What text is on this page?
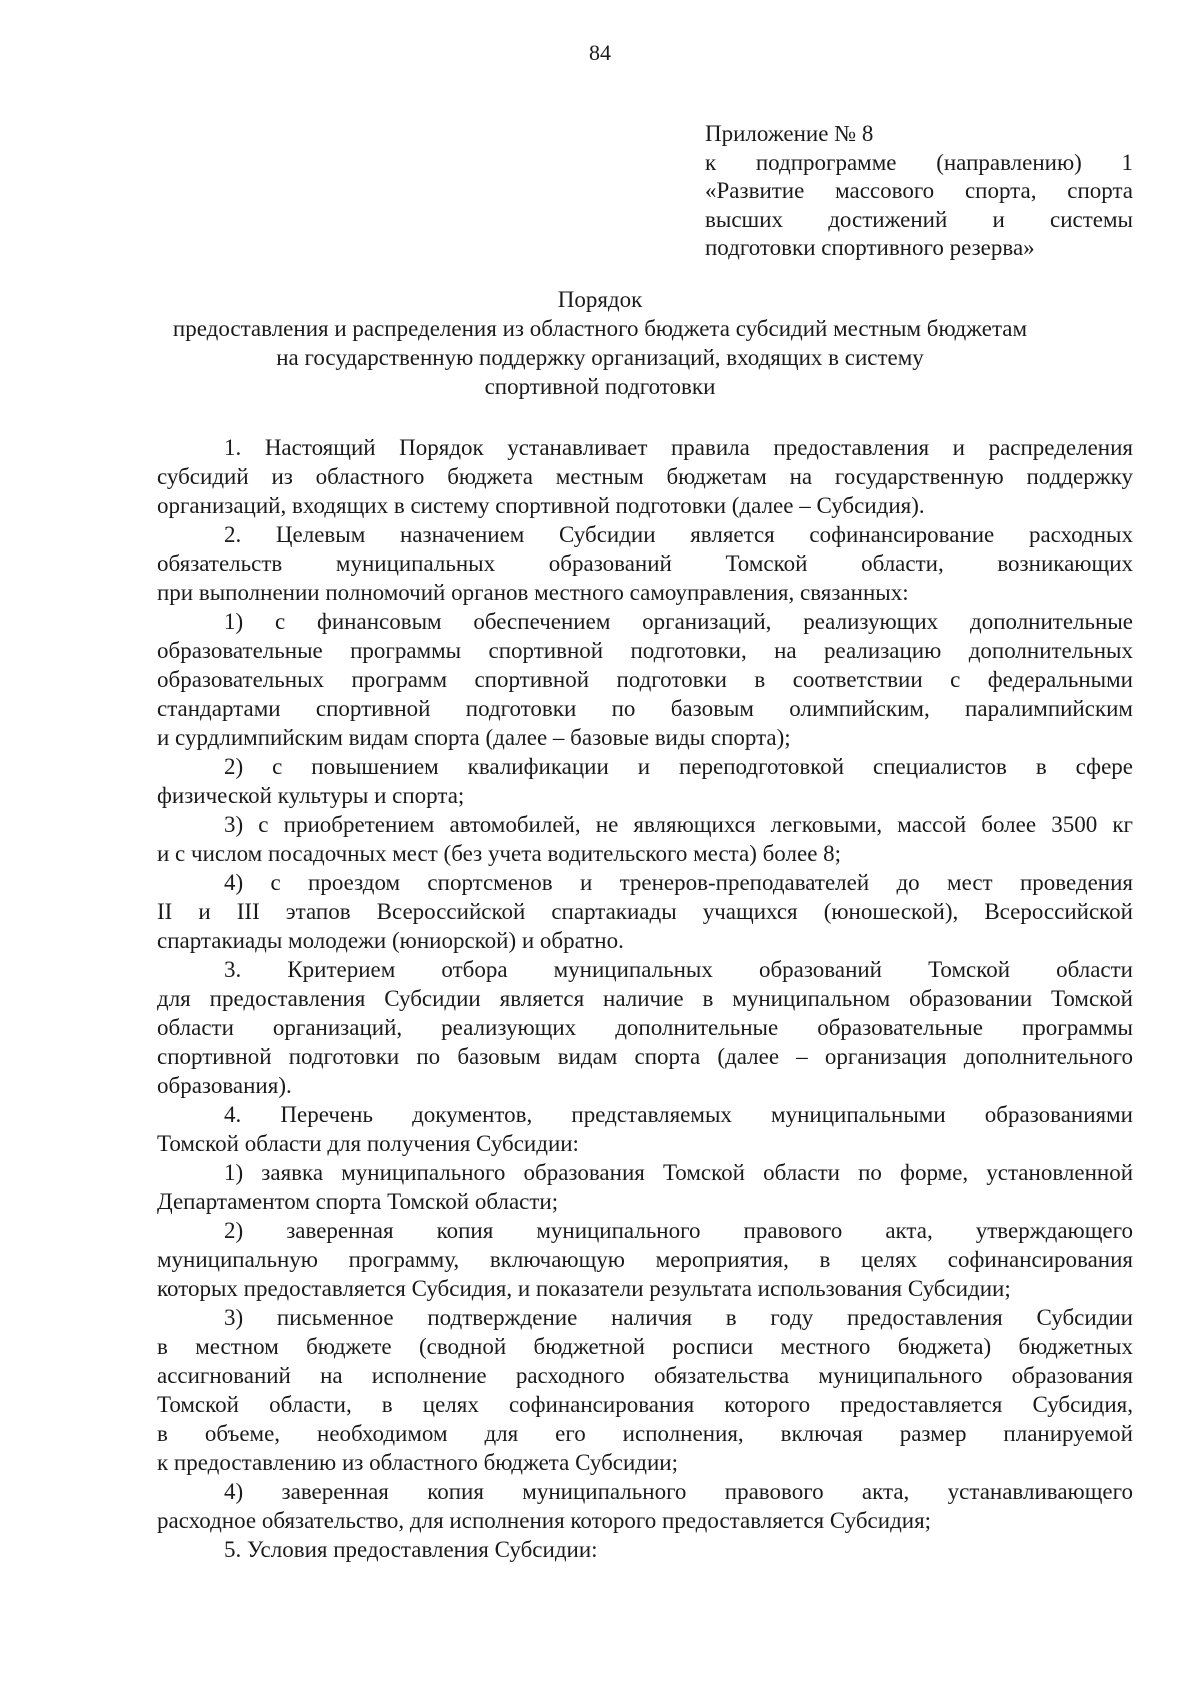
84
Приложение № 8
к подпрограмме (направлению) 1
«Развитие массового спорта, спорта
высших достижений и системы
подготовки спортивного резерва»
Порядок
предоставления и распределения из областного бюджета субсидий местным бюджетам
на государственную поддержку организаций, входящих в систему
спортивной подготовки
1. Настоящий Порядок устанавливает правила предоставления и распределения
субсидий из областного бюджета местным бюджетам на государственную поддержку
организаций, входящих в систему спортивной подготовки (далее – Субсидия).
2. Целевым назначением Субсидии является софинансирование расходных
обязательств муниципальных образований Томской области, возникающих
при выполнении полномочий органов местного самоуправления, связанных:
1) с финансовым обеспечением организаций, реализующих дополнительные
образовательные программы спортивной подготовки, на реализацию дополнительных
образовательных программ спортивной подготовки в соответствии с федеральными
стандартами спортивной подготовки по базовым олимпийским, паралимпийским
и сурдлимпийским видам спорта (далее – базовые виды спорта);
2) с повышением квалификации и переподготовкой специалистов в сфере
физической культуры и спорта;
3) с приобретением автомобилей, не являющихся легковыми, массой более 3500 кг
и с числом посадочных мест (без учета водительского места) более 8;
4) с проездом спортсменов и тренеров-преподавателей до мест проведения
II и III этапов Всероссийской спартакиады учащихся (юношеской), Всероссийской
спартакиады молодежи (юниорской) и обратно.
3. Критерием отбора муниципальных образований Томской области
для предоставления Субсидии является наличие в муниципальном образовании Томской
области организаций, реализующих дополнительные образовательные программы
спортивной подготовки по базовым видам спорта (далее – организация дополнительного
образования).
4. Перечень документов, представляемых муниципальными образованиями
Томской области для получения Субсидии:
1) заявка муниципального образования Томской области по форме, установленной
Департаментом спорта Томской области;
2) заверенная копия муниципального правового акта, утверждающего
муниципальную программу, включающую мероприятия, в целях софинансирования
которых предоставляется Субсидия, и показатели результата использования Субсидии;
3) письменное подтверждение наличия в году предоставления Субсидии
в местном бюджете (сводной бюджетной росписи местного бюджета) бюджетных
ассигнований на исполнение расходного обязательства муниципального образования
Томской области, в целях софинансирования которого предоставляется Субсидия,
в объеме, необходимом для его исполнения, включая размер планируемой
к предоставлению из областного бюджета Субсидии;
4) заверенная копия муниципального правового акта, устанавливающего
расходное обязательство, для исполнения которого предоставляется Субсидия;
5. Условия предоставления Субсидии:
